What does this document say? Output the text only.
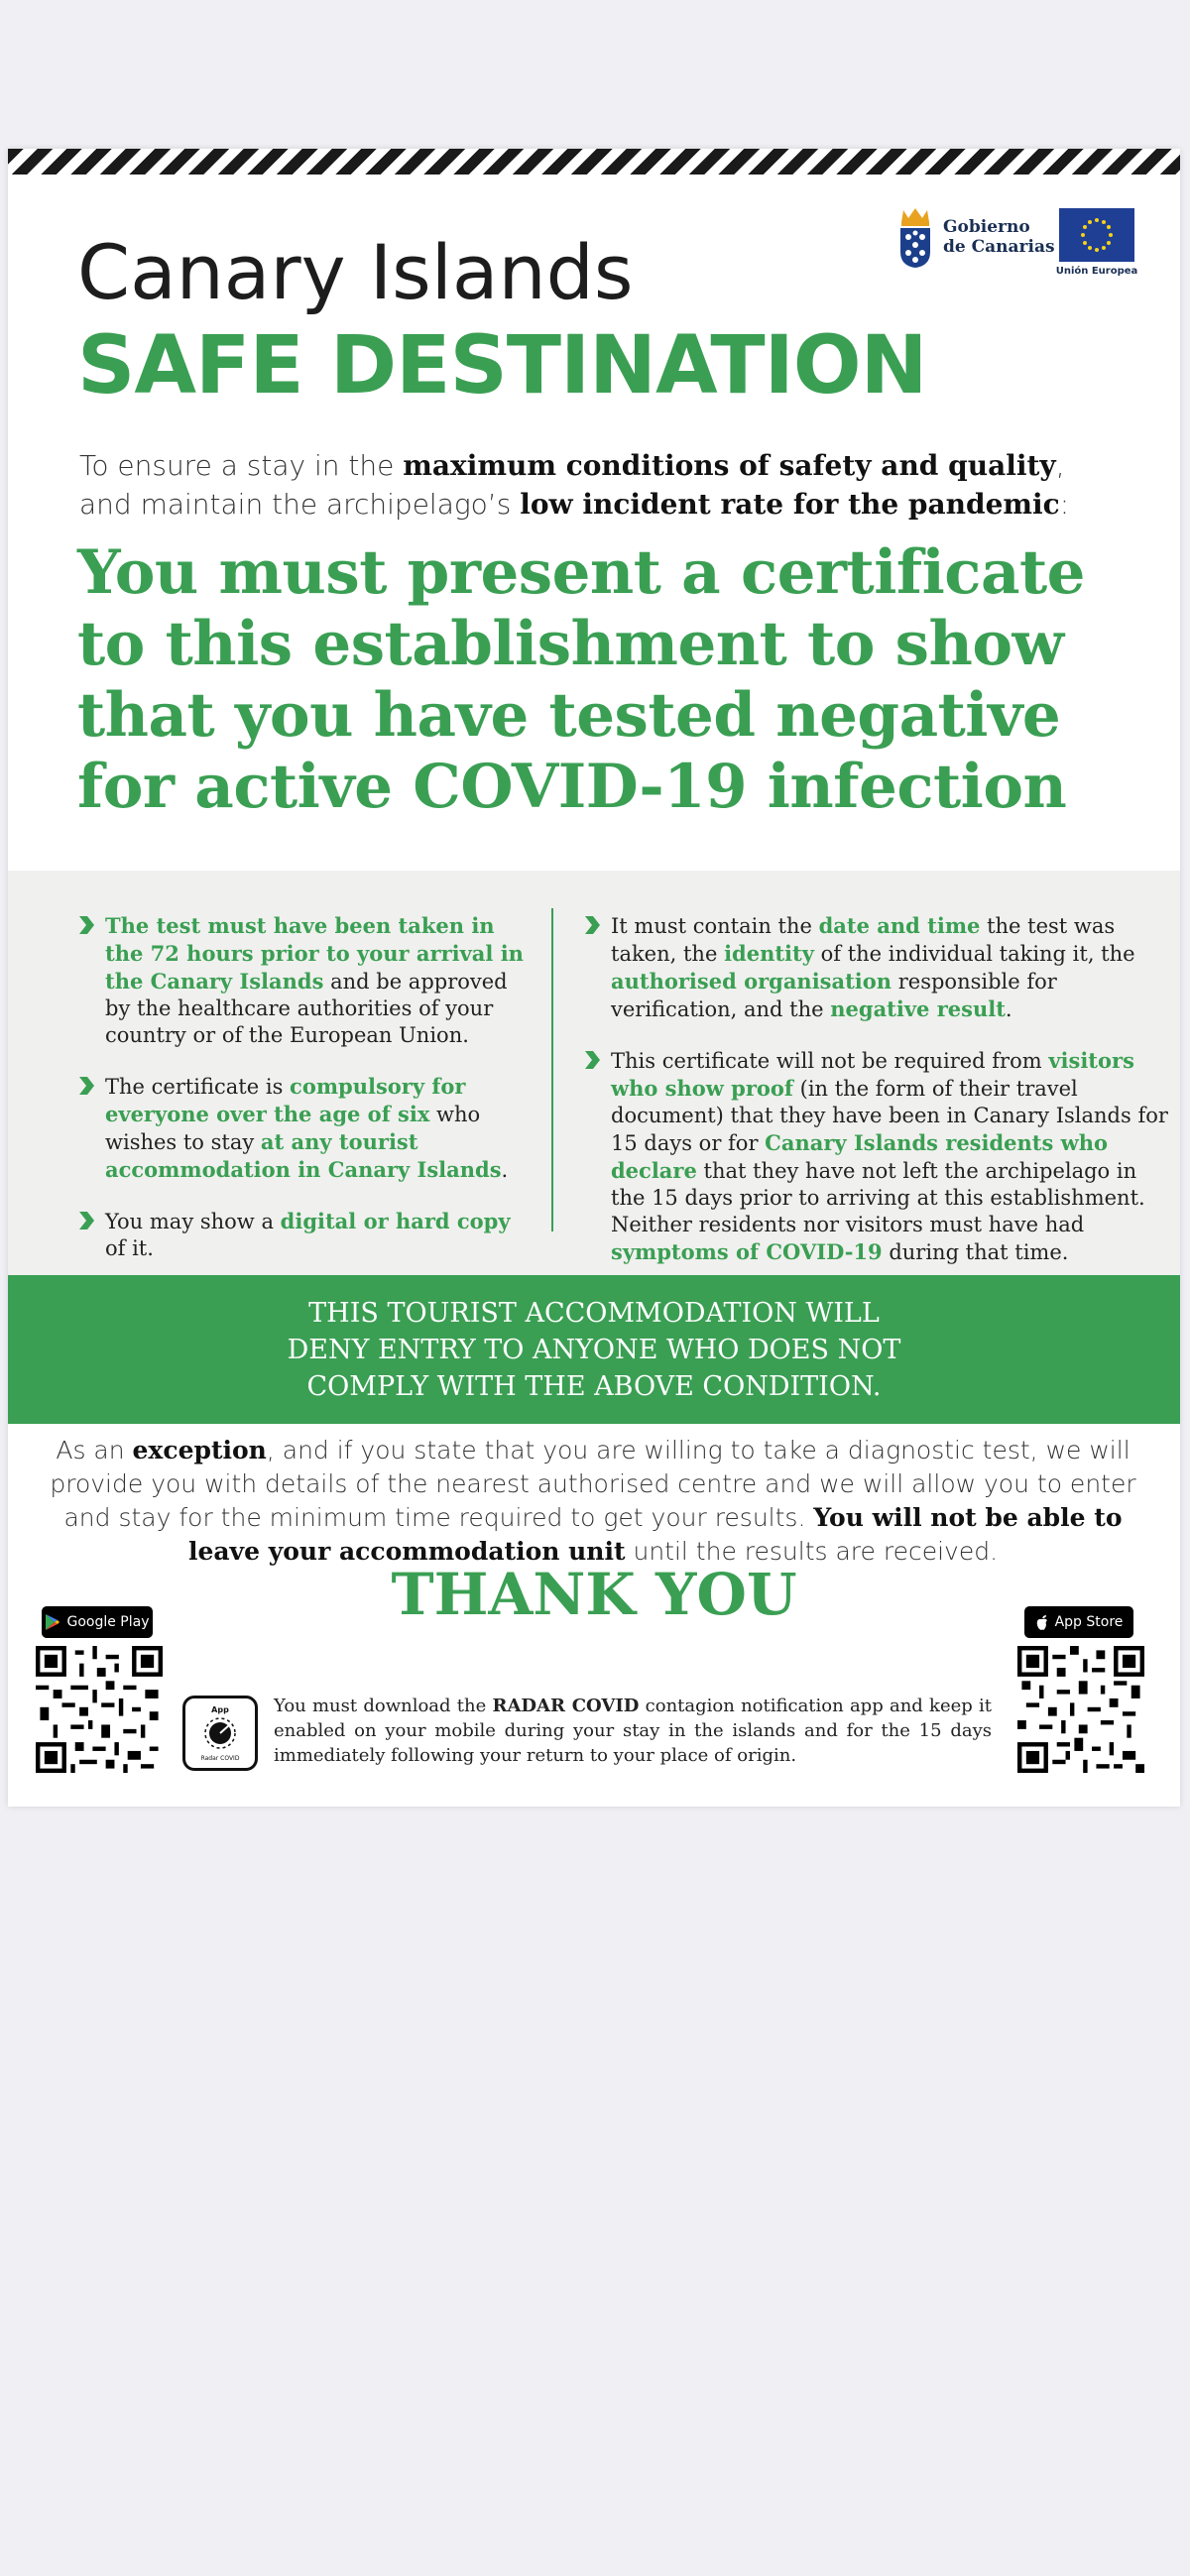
Gobierno
de Canarias
Unión Europea
Canary Islands
SAFE DESTINATION
To ensure a stay in the maximum conditions of safety and quality,
and maintain the archipelago’s low incident rate for the pandemic:
You must present a certificate to this establishment to show that you have tested negative for active COVID-19 infection
The test must have been taken in the 72 hours prior to your arrival in the Canary Islands and be approved by the healthcare authorities of your country or of the European Union.
The certificate is compulsory for everyone over the age of six who wishes to stay at any tourist accommodation in Canary Islands.
You may show a digital or hard copy of it.
It must contain the date and time the test was taken, the identity of the individual taking it, the authorised organisation responsible for verification, and the negative result.
This certificate will not be required from visitors who show proof (in the form of their travel document) that they have been in Canary Islands for 15 days or for Canary Islands residents who declare that they have not left the archipelago in the 15 days prior to arriving at this establishment. Neither residents nor visitors must have had symptoms of COVID-19 during that time.
THIS TOURIST ACCOMMODATION WILL
DENY ENTRY TO ANYONE WHO DOES NOT
COMPLY WITH THE ABOVE CONDITION.
As an exception, and if you state that you are willing to take a diagnostic test, we will provide you with details of the nearest authorised centre and we will allow you to enter and stay for the minimum time required to get your results. You will not be able to leave your accommodation unit until the results are received.
THANK YOU
Google Play	App Store
App
Radar COVID
You must download the RADAR COVID contagion notification app and keep it enabled on your mobile during your stay in the islands and for the 15 days immediately following your return to your place of origin.
